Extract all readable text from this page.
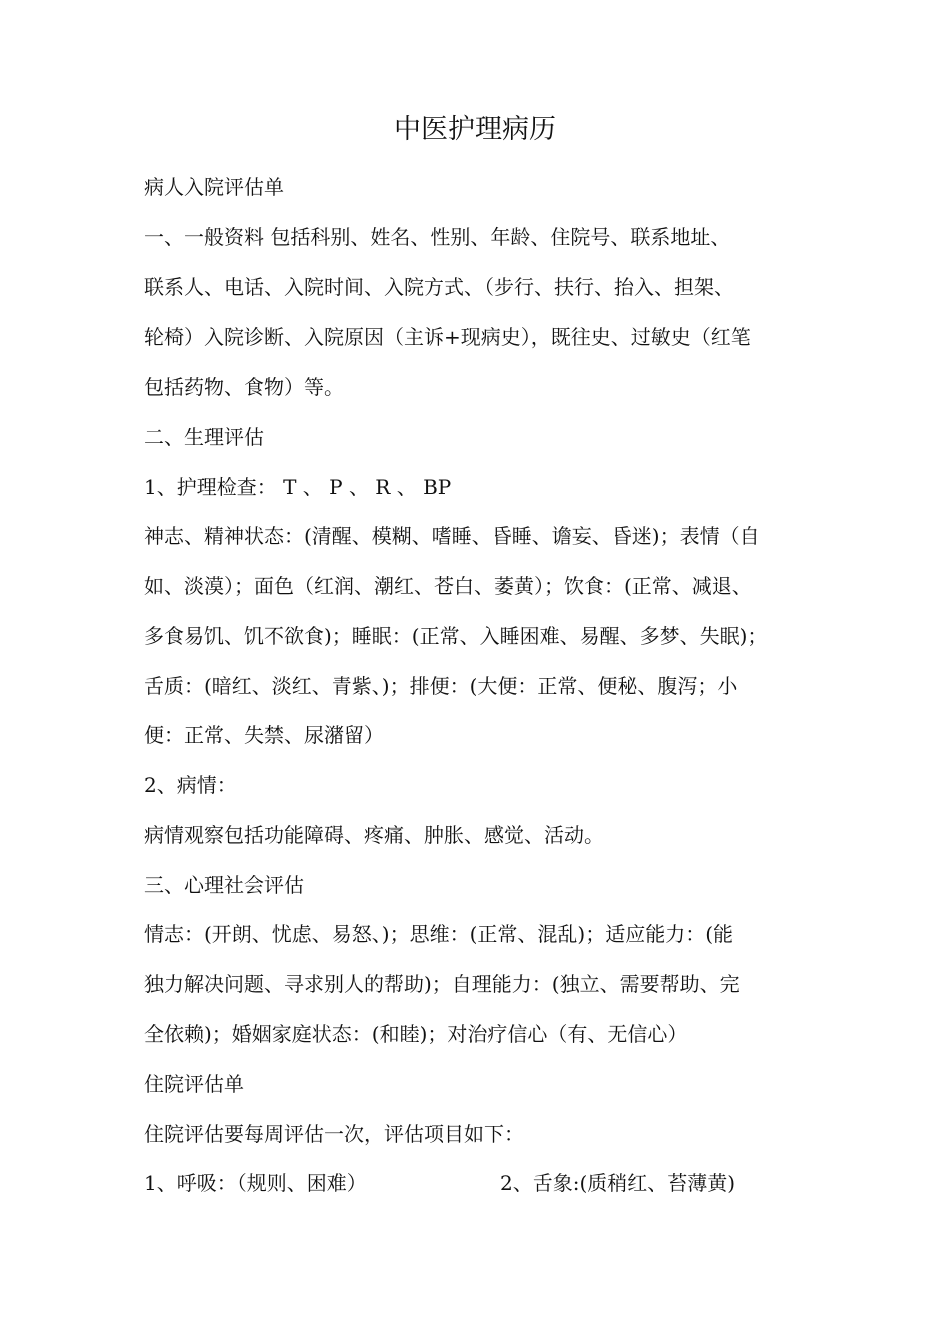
中医护理病历
病人入院评估单
一、一般资料 包括科别、姓名、性别、年龄、住院号、联系地址、
联系人、电话、入院时间、入院方式、（步行、扶行、抬入、担架、
轮椅）入院诊断、入院原因（主诉+现病史），既往史、过敏史（红笔
包括药物、食物）等。
二、生理评估
1、护理检查： T 、 P 、 R 、 BP
神志、精神状态：(清醒、模糊、嗜睡、昏睡、谵妄、昏迷)；表情（自
如、淡漠）；面色（红润、潮红、苍白、萎黄）；饮食：(正常、减退、
多食易饥、饥不欲食)；睡眠：(正常、入睡困难、易醒、多梦、失眠)；
舌质：(暗红、淡红、青紫、)；排便：(大便：正常、便秘、腹泻；小
便：正常、失禁、尿潴留）
2、病情：
病情观察包括功能障碍、疼痛、肿胀、感觉、活动。
三、心理社会评估
情志：(开朗、忧虑、易怒、)；思维：(正常、混乱)；适应能力：(能
独力解决问题、寻求别人的帮助)；自理能力：(独立、需要帮助、完
全依赖)；婚姻家庭状态：(和睦)；对治疗信心（有、无信心）
住院评估单
住院评估要每周评估一次，评估项目如下：
1、呼吸：（规则、困难）	2、舌象:(质稍红、苔薄黄)
